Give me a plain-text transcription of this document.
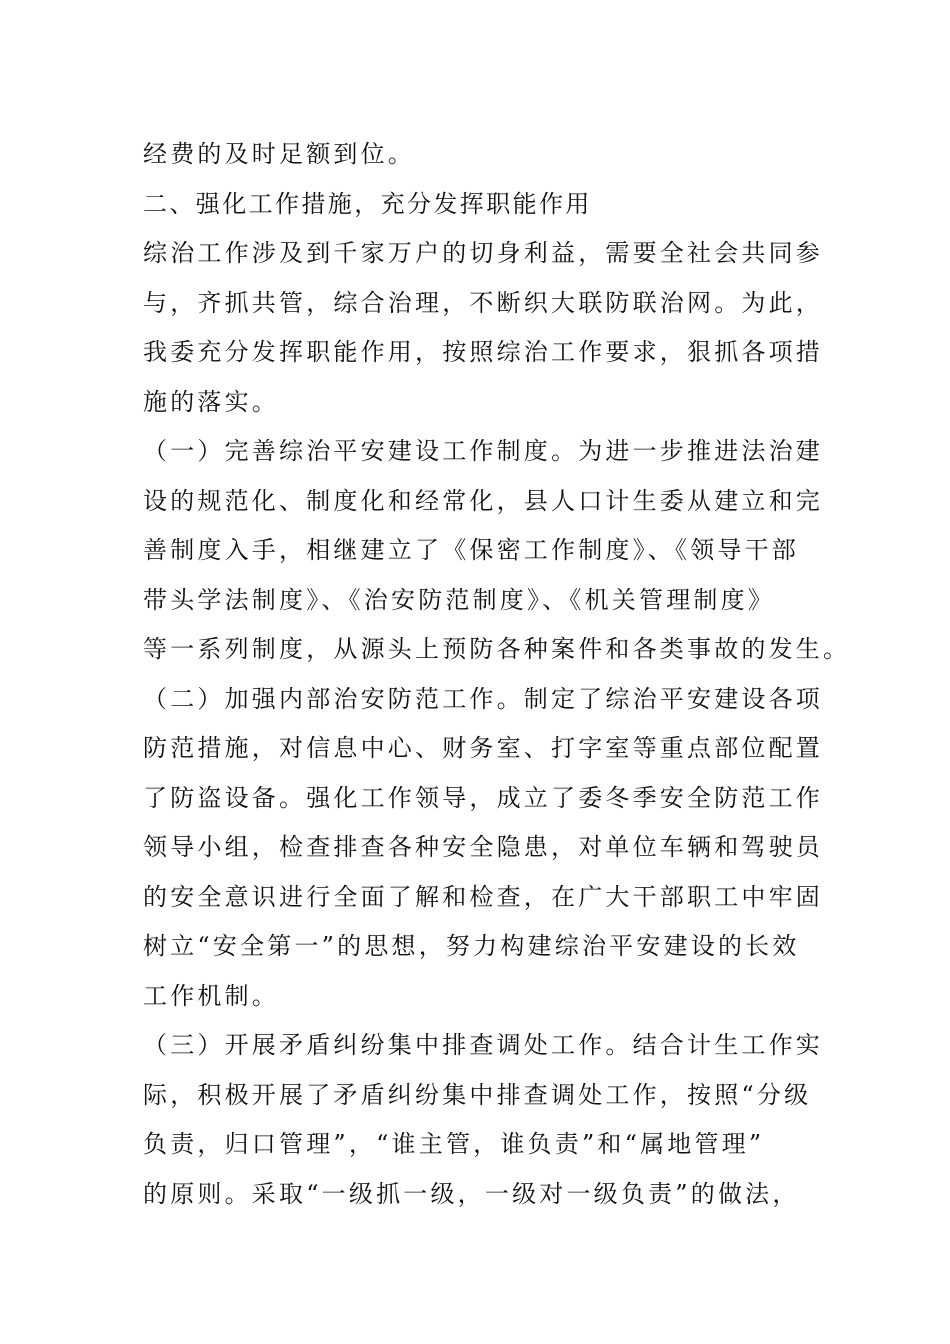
经费的及时足额到位。
二、强化工作措施，充分发挥职能作用
综治工作涉及到千家万户的切身利益，需要全社会共同参
与，齐抓共管，综合治理，不断织大联防联治网。为此，
我委充分发挥职能作用，按照综治工作要求，狠抓各项措
施的落实。
（一）完善综治平安建设工作制度。为进一步推进法治建
设的规范化、制度化和经常化，县人口计生委从建立和完
善制度入手，相继建立了《保密工作制度》、《领导干部
带头学法制度》、《治安防范制度》、《机关管理制度》
等一系列制度，从源头上预防各种案件和各类事故的发生。
（二）加强内部治安防范工作。制定了综治平安建设各项
防范措施，对信息中心、财务室、打字室等重点部位配置
了防盗设备。强化工作领导，成立了委冬季安全防范工作
领导小组，检查排查各种安全隐患，对单位车辆和驾驶员
的安全意识进行全面了解和检查，在广大干部职工中牢固
树立“安全第一”的思想，努力构建综治平安建设的长效
工作机制。
（三）开展矛盾纠纷集中排查调处工作。结合计生工作实
际，积极开展了矛盾纠纷集中排查调处工作，按照“分级
负责，归口管理”，“谁主管，谁负责”和“属地管理”
的原则。采取“一级抓一级，一级对一级负责”的做法，
